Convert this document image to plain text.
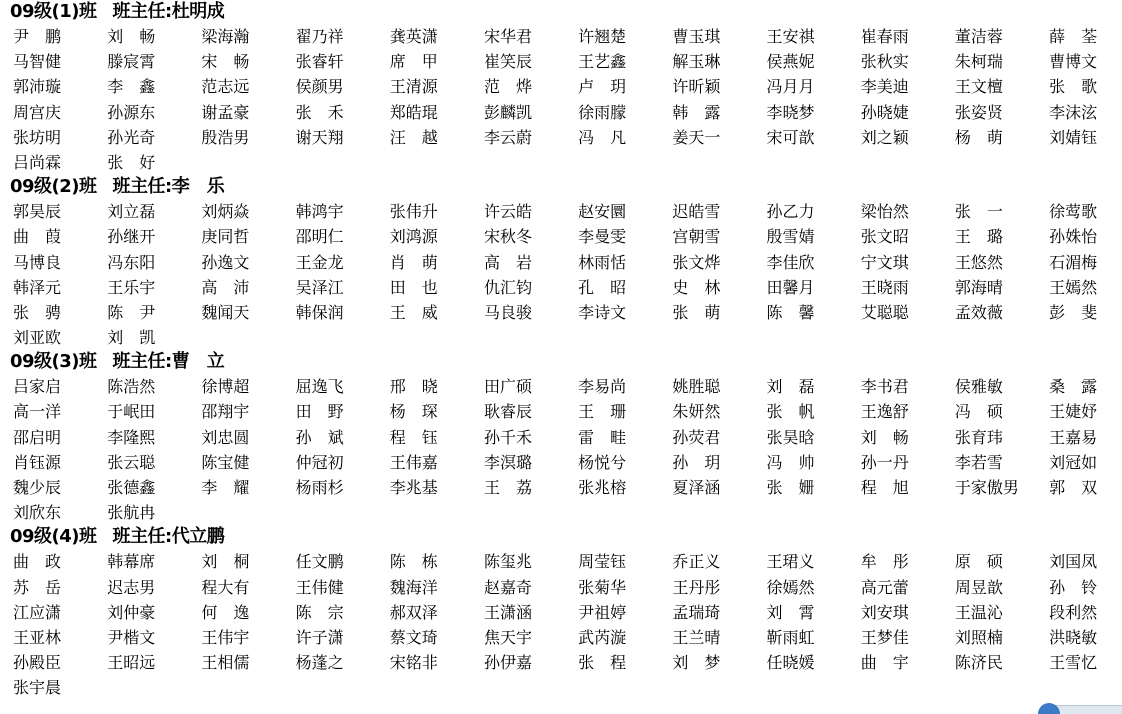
09级(1)班 班主任:杜明成
尹　鹏	刘　畅	梁海瀚	翟乃祥	龚英潇	宋华君	许翘楚	曹玉琪	王安祺	崔春雨	董洁蓉	薛　荃
马智健	滕宸霄	宋　畅	张睿轩	席　甲	崔笑辰	王艺鑫	解玉琳	侯燕妮	张秋实	朱柯瑞	曹博文
郭沛璇	李　鑫	范志远	侯颜男	王清源	范　烨	卢　玥	许昕颖	冯月月	李美迪	王文檀	张　歌
周宫庆	孙源东	谢孟豪	张　禾	郑皓琨	彭麟凯	徐雨朦	韩　露	李晓梦	孙晓婕	张姿贤	李沫泫
张坊明	孙光奇	殷浩男	谢天翔	汪　越	李云蔚	冯　凡	姜天一	宋可歆	刘之颖	杨　萌	刘婧钰
吕尚霖	张　好
09级(2)班 班主任:李　乐
郭昊辰	刘立磊	刘炳焱	韩鸿宇	张伟升	许云皓	赵安圜	迟皓雪	孙乙力	梁怡然	张　一	徐莺歌
曲　葭	孙继开	庚同哲	邵明仁	刘鸿源	宋秋冬	李曼雯	宫朝雪	殷雪婧	张文昭	王　璐	孙姝怡
马博良	冯东阳	孙逸文	王金龙	肖　萌	高　岩	林雨恬	张文烨	李佳欣	宁文琪	王悠然	石湄梅
韩泽元	王乐宇	高　沛	吴泽江	田　也	仇汇钧	孔　昭	史　林	田馨月	王晓雨	郭海晴	王嫣然
张　骋	陈　尹	魏闻天	韩保润	王　威	马良骏	李诗文	张　萌	陈　馨	艾聪聪	孟效薇	彭　斐
刘亚欧	刘　凯
09级(3)班 班主任:曹　立
吕家启	陈浩然	徐博超	屈逸飞	邢　晓	田广硕	李易尚	姚胜聪	刘　磊	李书君	侯雅敏	桑　露
高一洋	于岷田	邵翔宇	田　野	杨　琛	耿睿辰	王　珊	朱妍然	张　帆	王逸舒	冯　硕	王婕妤
邵启明	李隆熙	刘忠圆	孙　斌	程　钰	孙千禾	雷　畦	孙荧君	张昊晗	刘　畅	张育玮	王嘉易
肖钰源	张云聪	陈宝健	仲冠初	王伟嘉	李溟璐	杨悦兮	孙　玥	冯　帅	孙一丹	李若雪	刘冠如
魏少辰	张德鑫	李　耀	杨雨杉	李兆基	王　荔	张兆榕	夏泽涵	张　姗	程　旭	于家傲男	郭　双
刘欣东	张航冉
09级(4)班 班主任:代立鹏
曲　政	韩幕席	刘　桐	任文鹏	陈　栋	陈玺兆	周莹钰	乔正义	王珺义	牟　彤	原　硕	刘国凤
苏　岳	迟志男	程大有	王伟健	魏海洋	赵嘉奇	张菊华	王丹彤	徐嫣然	高元蕾	周昱歆	孙　铃
江应潇	刘仲豪	何　逸	陈　宗	郝双泽	王潇涵	尹祖婷	孟瑞琦	刘　霄	刘安琪	王温沁	段利然
王亚林	尹楷文	王伟宇	许子潇	蔡文琦	焦天宇	武芮漩	王兰晴	靳雨虹	王梦佳	刘照楠	洪晓敏
孙殿臣	王昭远	王相儒	杨蓬之	宋铭非	孙伊嘉	张　程	刘　梦	任晓媛	曲　宇	陈济民	王雪忆
张宇晨
